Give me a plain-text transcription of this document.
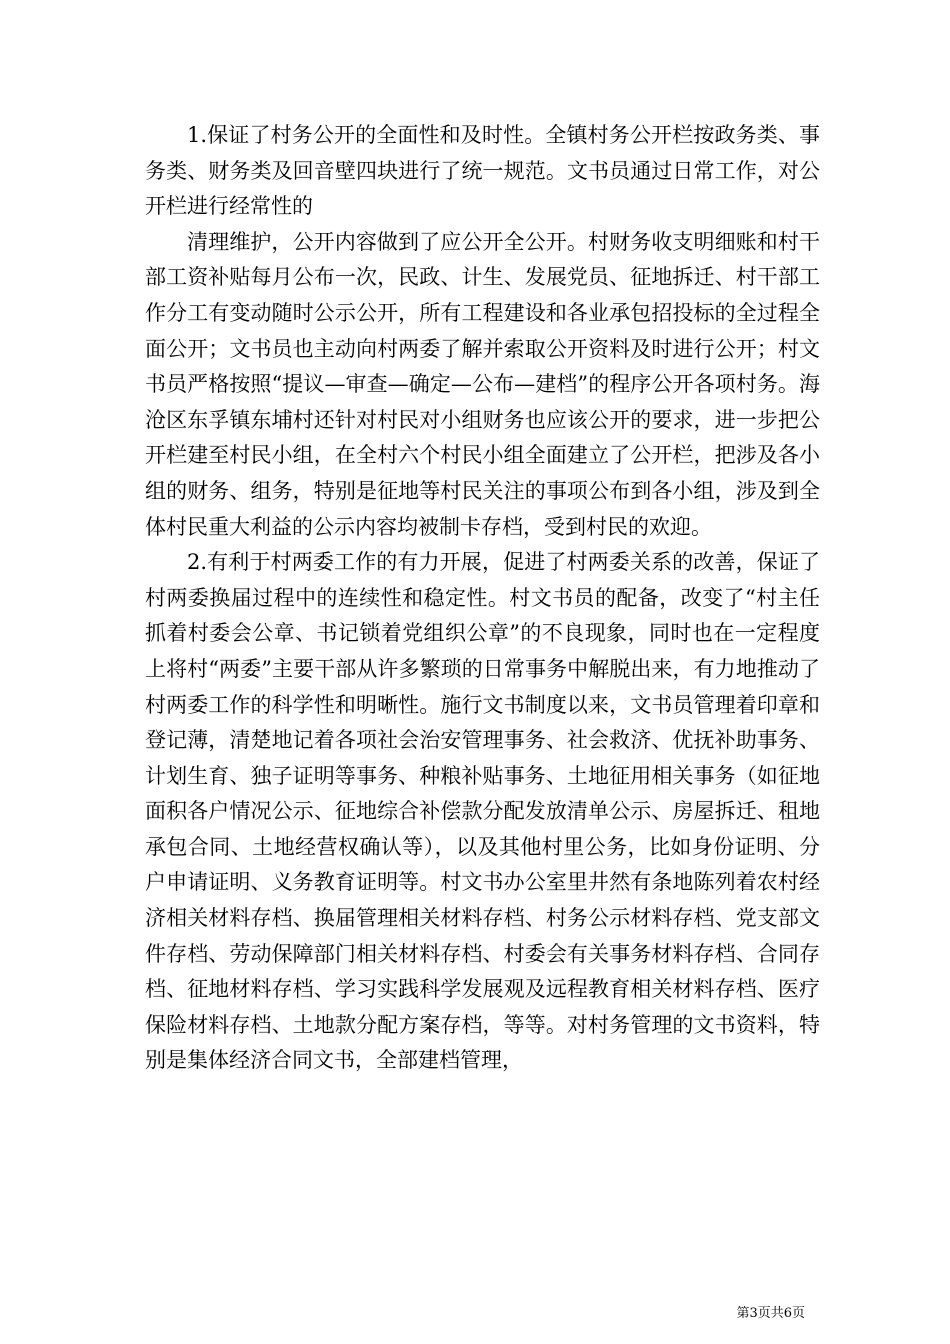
1.保证了村务公开的全面性和及时性。全镇村务公开栏按政务类、事务类、财务类及回音壁四块进行了统一规范。文书员通过日常工作，对公开栏进行经常性的

清理维护，公开内容做到了应公开全公开。村财务收支明细账和村干部工资补贴每月公布一次，民政、计生、发展党员、征地拆迁、村干部工作分工有变动随时公示公开，所有工程建设和各业承包招投标的全过程全面公开；文书员也主动向村两委了解并索取公开资料及时进行公开；村文书员严格按照“提议—审查—确定—公布—建档”的程序公开各项村务。海沧区东孚镇东埔村还针对村民对小组财务也应该公开的要求，进一步把公开栏建至村民小组，在全村六个村民小组全面建立了公开栏，把涉及各小组的财务、组务，特别是征地等村民关注的事项公布到各小组，涉及到全体村民重大利益的公示内容均被制卡存档，受到村民的欢迎。

2.有利于村两委工作的有力开展，促进了村两委关系的改善，保证了村两委换届过程中的连续性和稳定性。村文书员的配备，改变了“村主任抓着村委会公章、书记锁着党组织公章”的不良现象，同时也在一定程度上将村“两委”主要干部从许多繁琐的日常事务中解脱出来，有力地推动了村两委工作的科学性和明晰性。施行文书制度以来，文书员管理着印章和登记薄，清楚地记着各项社会治安管理事务、社会救济、优抚补助事务、计划生育、独子证明等事务、种粮补贴事务、土地征用相关事务（如征地面积各户情况公示、征地综合补偿款分配发放清单公示、房屋拆迁、租地承包合同、土地经营权确认等），以及其他村里公务，比如身份证明、分户申请证明、义务教育证明等。村文书办公室里井然有条地陈列着农村经济相关材料存档、换届管理相关材料存档、村务公示材料存档、党支部文件存档、劳动保障部门相关材料存档、村委会有关事务材料存档、合同存档、征地材料存档、学习实践科学发展观及远程教育相关材料存档、医疗保险材料存档、土地款分配方案存档，等等。对村务管理的文书资料，特别是集体经济合同文书，全部建档管理，

第3页共6页
